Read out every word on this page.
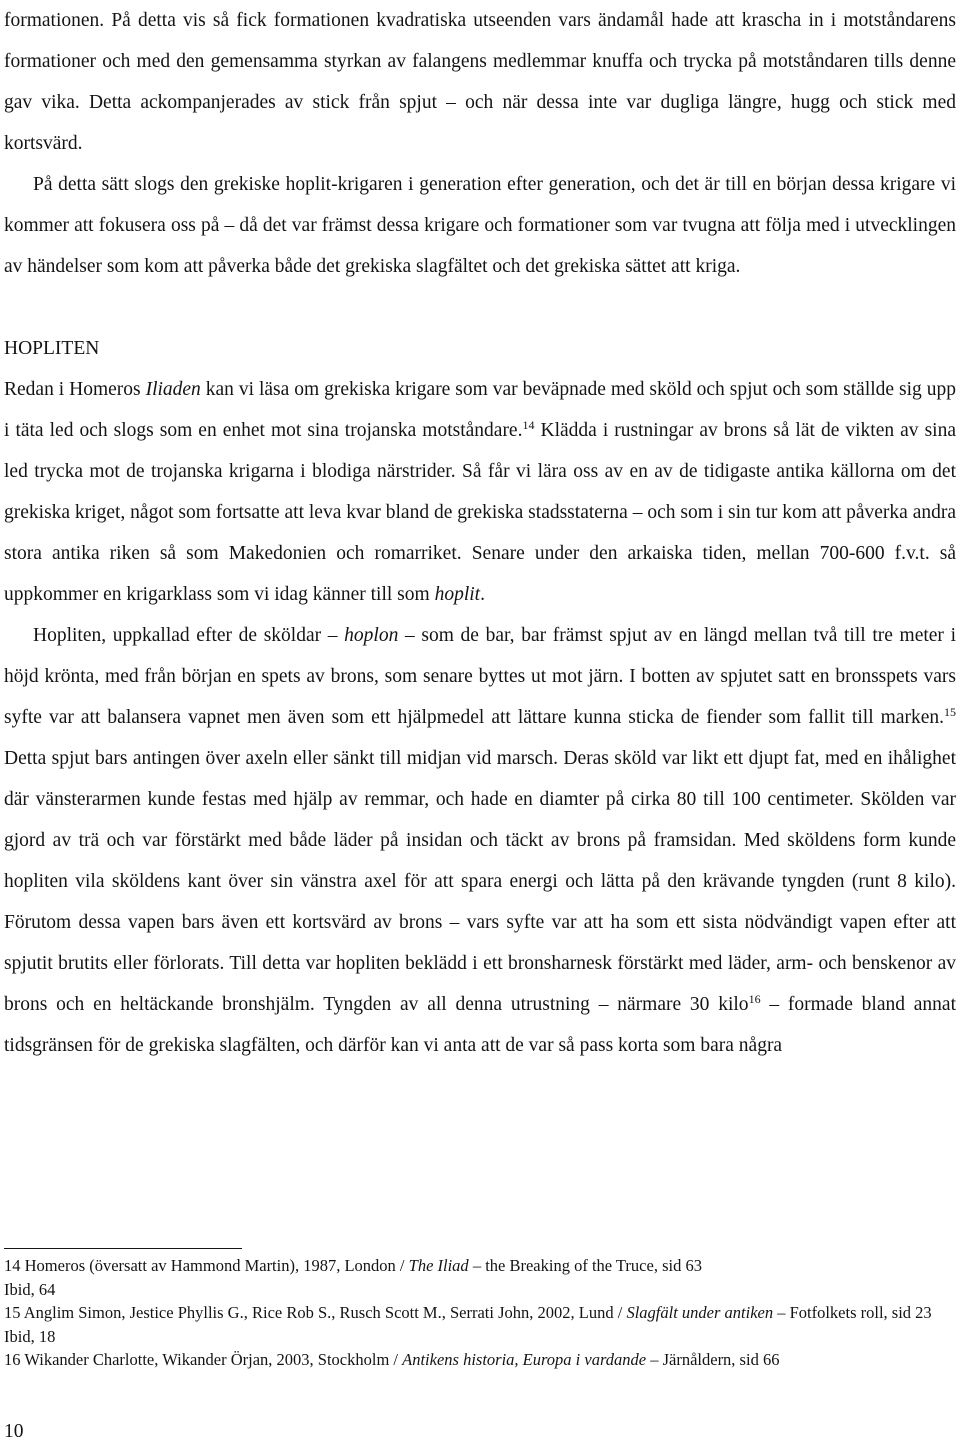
formationen. På detta vis så fick formationen kvadratiska utseenden vars ändamål hade att krascha in i motståndarens formationer och med den gemensamma styrkan av falangens medlemmar knuffa och trycka på motståndaren tills denne gav vika. Detta ackompanjerades av stick från spjut – och när dessa inte var dugliga längre, hugg och stick med kortsvärd.

På detta sätt slogs den grekiske hoplit-krigaren i generation efter generation, och det är till en början dessa krigare vi kommer att fokusera oss på – då det var främst dessa krigare och formationer som var tvugna att följa med i utvecklingen av händelser som kom att påverka både det grekiska slagfältet och det grekiska sättet att kriga.

HOPLITEN

Redan i Homeros Iliaden kan vi läsa om grekiska krigare som var beväpnade med sköld och spjut och som ställde sig upp i täta led och slogs som en enhet mot sina trojanska motståndare.$^{14}$ Klädda i rustningar av brons så lät de vikten av sina led trycka mot de trojanska krigarna i blodiga närstrider. Så får vi lära oss av en av de tidigaste antika källorna om det grekiska kriget, något som fortsatte att leva kvar bland de grekiska stadsstaterna – och som i sin tur kom att påverka andra stora antika riken så som Makedonien och romarriket. Senare under den arkaiska tiden, mellan 700-600 f.v.t. så uppkommer en krigarklass som vi idag känner till som hoplit.

Hopliten, uppkallad efter de sköldar – hoplon – som de bar, bar främst spjut av en längd mellan två till tre meter i höjd krönta, med från början en spets av brons, som senare byttes ut mot järn. I botten av spjutet satt en bronsspets vars syfte var att balansera vapnet men även som ett hjälpmedel att lättare kunna sticka de fiender som fallit till marken.$^{15}$ Detta spjut bars antingen över axeln eller sänkt till midjan vid marsch. Deras sköld var likt ett djupt fat, med en ihålighet där vänsterarmen kunde festas med hjälp av remmar, och hade en diamter på cirka 80 till 100 centimeter. Skölden var gjord av trä och var förstärkt med både läder på insidan och täckt av brons på framsidan. Med sköldens form kunde hopliten vila sköldens kant över sin vänstra axel för att spara energi och lätta på den krävande tyngden (runt 8 kilo). Förutom dessa vapen bars även ett kortsvärd av brons – vars syfte var att ha som ett sista nödvändigt vapen efter att spjutit brutits eller förlorats. Till detta var hopliten beklädd i ett bronsharnesk förstärkt med läder, arm- och benskenor av brons och en heltäckande bronshjälm. Tyngden av all denna utrustning – närmare 30 kilo$^{16}$ – formade bland annat tidsgränsen för de grekiska slagfälten, och därför kan vi anta att de var så pass korta som bara några

14 Homeros (översatt av Hammond Martin), 1987, London / The Iliad – the Breaking of the Truce, sid 63
Ibid, 64
15 Anglim Simon, Jestice Phyllis G., Rice Rob S., Rusch Scott M., Serrati John, 2002, Lund / Slagfält under antiken – Fotfolkets roll, sid 23
Ibid, 18
16 Wikander Charlotte, Wikander Örjan, 2003, Stockholm / Antikens historia, Europa i vardande – Järnåldern, sid 66
10
